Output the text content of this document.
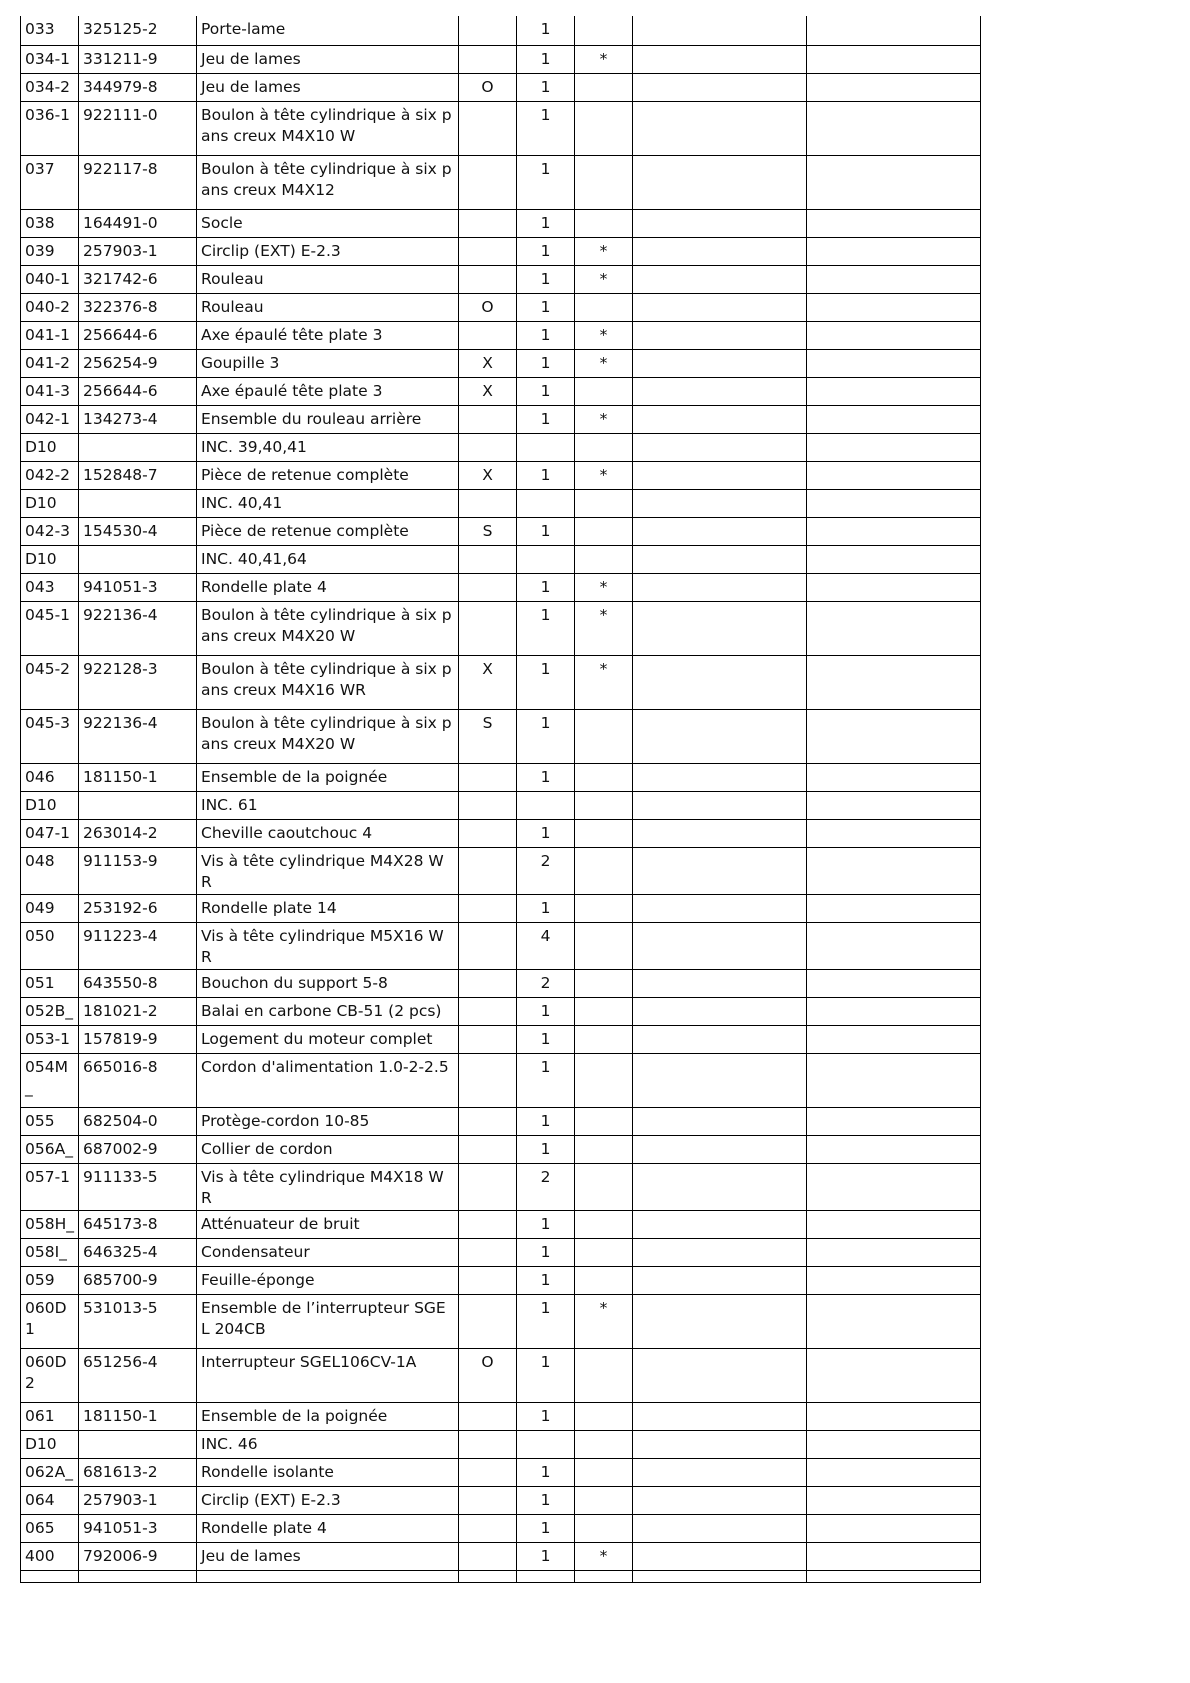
033	325125-2	Porte-lame		1			
034-1	331211-9	Jeu de lames		1	*		
034-2	344979-8	Jeu de lames	O	1			
036-1	922111-0	Boulon à tête cylindrique à six pans creux M4X10 W		1			
037	922117-8	Boulon à tête cylindrique à six pans creux M4X12		1			
038	164491-0	Socle		1			
039	257903-1	Circlip (EXT) E-2.3		1	*		
040-1	321742-6	Rouleau		1	*		
040-2	322376-8	Rouleau	O	1			
041-1	256644-6	Axe épaulé tête plate 3		1	*		
041-2	256254-9	Goupille 3	X	1	*		
041-3	256644-6	Axe épaulé tête plate 3	X	1			
042-1	134273-4	Ensemble du rouleau arrière		1	*		
D10		INC. 39,40,41					
042-2	152848-7	Pièce de retenue complète	X	1	*		
D10		INC. 40,41					
042-3	154530-4	Pièce de retenue complète	S	1			
D10		INC. 40,41,64					
043	941051-3	Rondelle plate 4		1	*		
045-1	922136-4	Boulon à tête cylindrique à six pans creux M4X20 W		1	*		
045-2	922128-3	Boulon à tête cylindrique à six pans creux M4X16 WR	X	1	*		
045-3	922136-4	Boulon à tête cylindrique à six pans creux M4X20 W	S	1			
046	181150-1	Ensemble de la poignée		1			
D10		INC. 61					
047-1	263014-2	Cheville caoutchouc 4		1			
048	911153-9	Vis à tête cylindrique M4X28 WR		2			
049	253192-6	Rondelle plate 14		1			
050	911223-4	Vis à tête cylindrique M5X16 WR		4			
051	643550-8	Bouchon du support 5-8		2			
052B_	181021-2	Balai en carbone CB-51 (2 pcs)		1			
053-1	157819-9	Logement du moteur complet		1			
054M_	665016-8	Cordon d'alimentation 1.0-2-2.5		1			
055	682504-0	Protège-cordon 10-85		1			
056A_	687002-9	Collier de cordon		1			
057-1	911133-5	Vis à tête cylindrique M4X18 WR		2			
058H_	645173-8	Atténuateur de bruit		1			
058I_	646325-4	Condensateur		1			
059	685700-9	Feuille-éponge		1			
060D1	531013-5	Ensemble de l’interrupteur SGEL 204CB		1	*		
060D2	651256-4	Interrupteur SGEL106CV-1A	O	1			
061	181150-1	Ensemble de la poignée		1			
D10		INC. 46					
062A_	681613-2	Rondelle isolante		1			
064	257903-1	Circlip (EXT) E-2.3		1			
065	941051-3	Rondelle plate 4		1			
400	792006-9	Jeu de lames		1	*		
